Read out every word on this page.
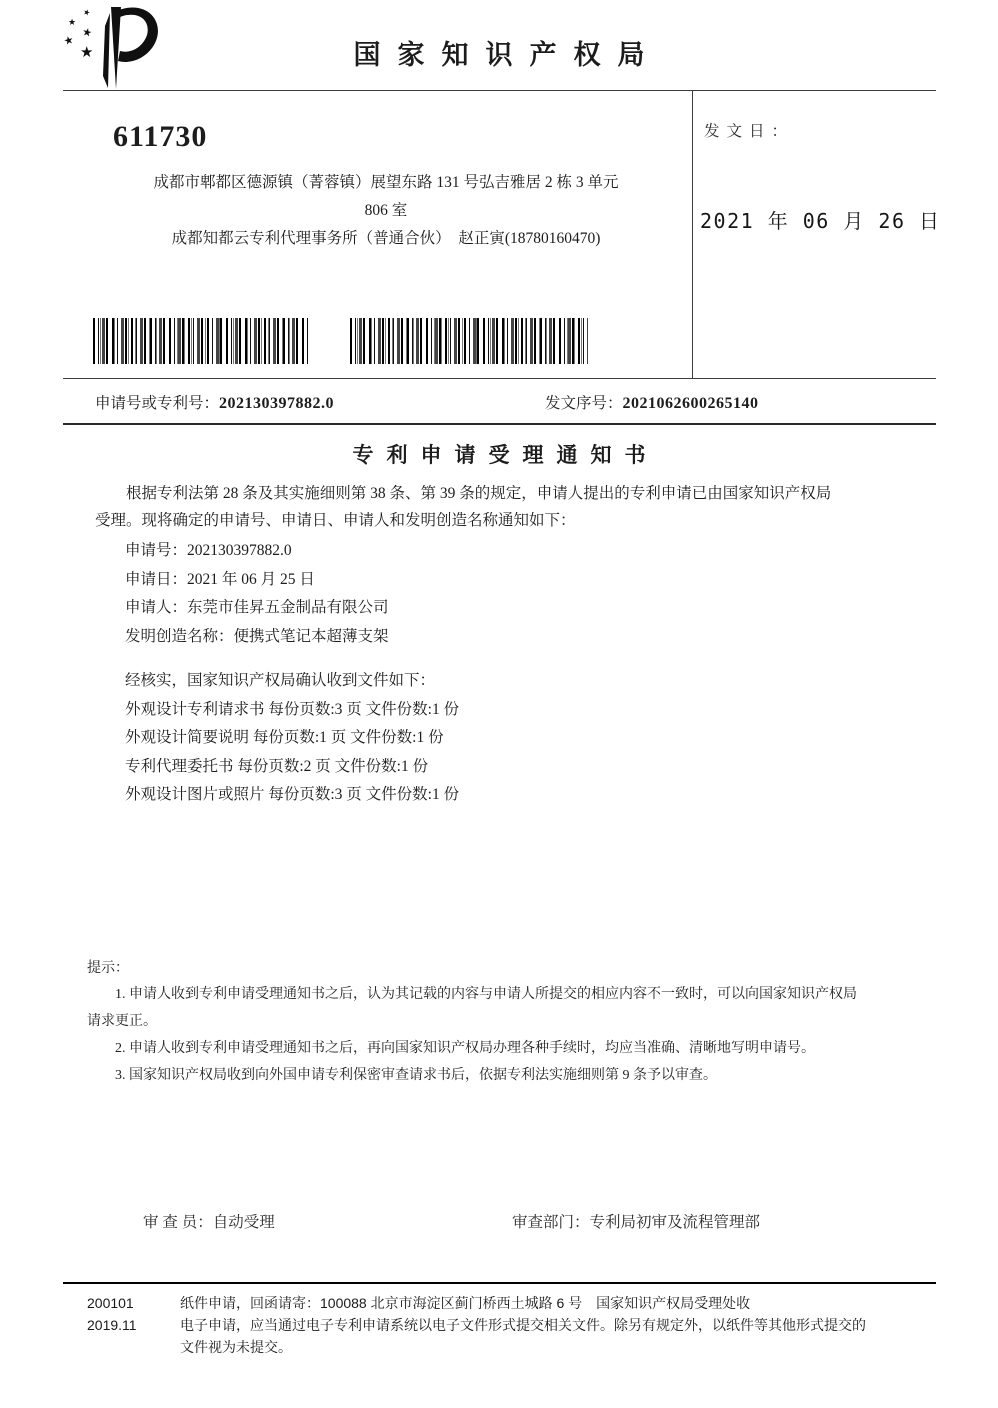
★
★
★
★
★
国家知识产权局
611730
成都市郫都区德源镇（菁蓉镇）展望东路 131 号弘吉雅居 2 栋 3 单元
806 室
成都知都云专利代理事务所（普通合伙）　赵正寅(18780160470)
发文日：
2021 年 06 月 26 日
申请号或专利号：202130397882.0	发文序号：2021062600265140
专利申请受理通知书
根据专利法第 28 条及其实施细则第 38 条、第 39 条的规定，申请人提出的专利申请已由国家知识产权局
受理。现将确定的申请号、申请日、申请人和发明创造名称通知如下：
申请号：202130397882.0
申请日：2021 年 06 月 25 日
申请人：东莞市佳昇五金制品有限公司
发明创造名称：便携式笔记本超薄支架
经核实，国家知识产权局确认收到文件如下：
外观设计专利请求书 每份页数:3 页 文件份数:1 份
外观设计简要说明 每份页数:1 页 文件份数:1 份
专利代理委托书 每份页数:2 页 文件份数:1 份
外观设计图片或照片 每份页数:3 页 文件份数:1 份
提示：
1. 申请人收到专利申请受理通知书之后，认为其记载的内容与申请人所提交的相应内容不一致时，可以向国家知识产权局
请求更正。
2. 申请人收到专利申请受理通知书之后，再向国家知识产权局办理各种手续时，均应当准确、清晰地写明申请号。
3. 国家知识产权局收到向外国申请专利保密审查请求书后，依据专利法实施细则第 9 条予以审查。
审 查 员：自动受理	审查部门：专利局初审及流程管理部
200101
2019.11
纸件申请，回函请寄：100088 北京市海淀区蓟门桥西土城路 6 号　国家知识产权局受理处收
电子申请，应当通过电子专利申请系统以电子文件形式提交相关文件。除另有规定外，以纸件等其他形式提交的
文件视为未提交。
